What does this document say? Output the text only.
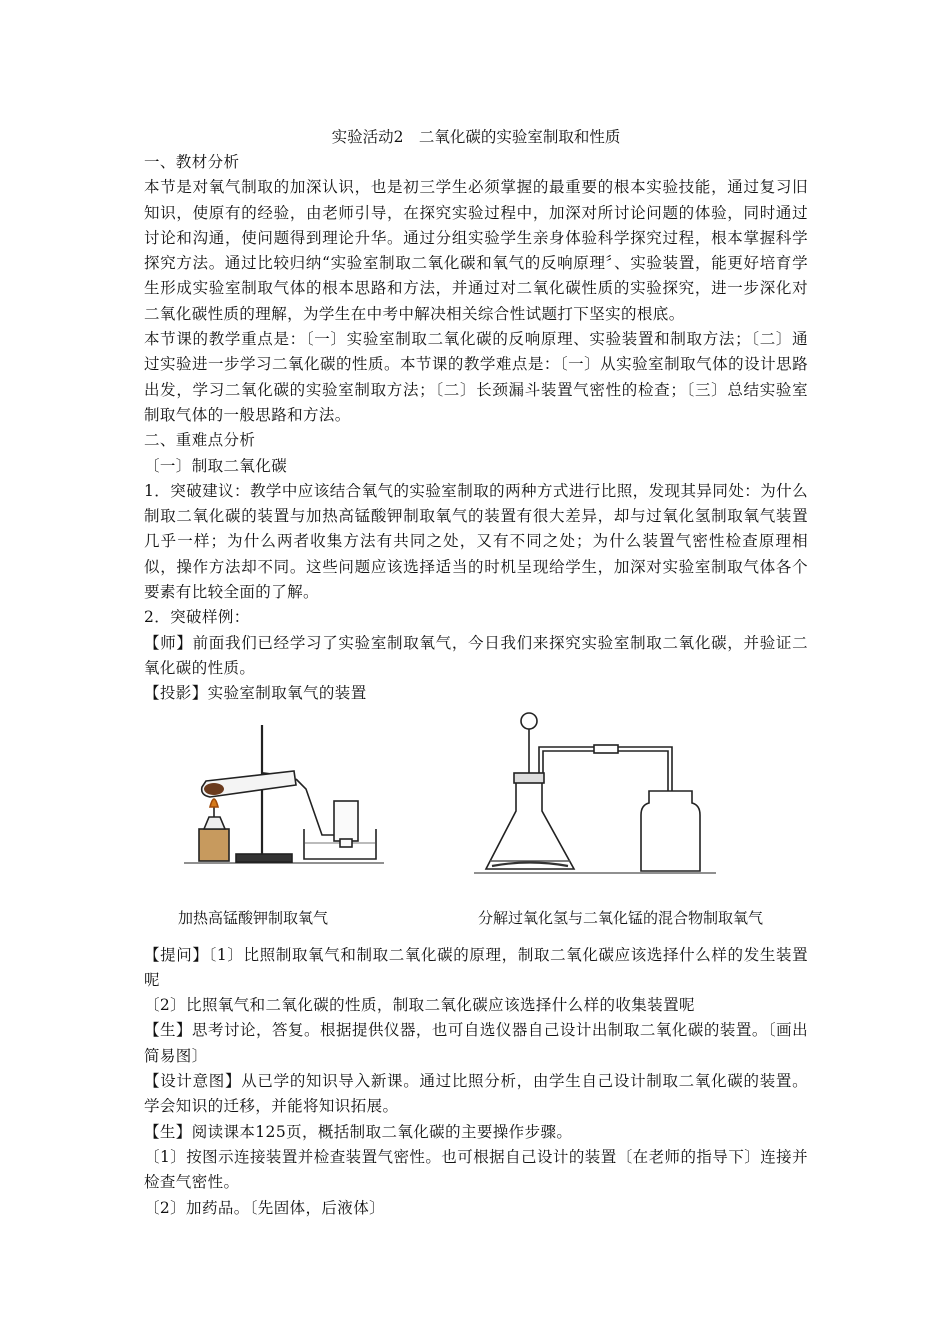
实验活动2　二氧化碳的实验室制取和性质
一、教材分析
本节是对氧气制取的加深认识，也是初三学生必须掌握的最重要的根本实验技能，通过复习旧知识，使原有的经验，由老师引导，在探究实验过程中，加深对所讨论问题的体验，同时通过讨论和沟通，使问题得到理论升华。通过分组实验学生亲身体验科学探究过程，根本掌握科学探究方法。通过比较归纳“实验室制取二氧化碳和氧气的反响原理〞、实验装置，能更好培育学生形成实验室制取气体的根本思路和方法，并通过对二氧化碳性质的实验探究，进一步深化对二氧化碳性质的理解，为学生在中考中解决相关综合性试题打下坚实的根底。
本节课的教学重点是：〔一〕实验室制取二氧化碳的反响原理、实验装置和制取方法；〔二〕通过实验进一步学习二氧化碳的性质。本节课的教学难点是：〔一〕从实验室制取气体的设计思路出发，学习二氧化碳的实验室制取方法；〔二〕长颈漏斗装置气密性的检查；〔三〕总结实验室制取气体的一般思路和方法。
二、重难点分析
〔一〕制取二氧化碳
1．突破建议：教学中应该结合氧气的实验室制取的两种方式进行比照，发现其异同处：为什么制取二氧化碳的装置与加热高锰酸钾制取氧气的装置有很大差异，却与过氧化氢制取氧气装置几乎一样；为什么两者收集方法有共同之处，又有不同之处；为什么装置气密性检查原理相似，操作方法却不同。这些问题应该选择适当的时机呈现给学生，加深对实验室制取气体各个要素有比较全面的了解。
2．突破样例：
【师】前面我们已经学习了实验室制取氧气，今日我们来探究实验室制取二氧化碳，并验证二氧化碳的性质。
【投影】实验室制取氧气的装置
加热高锰酸钾制取氧气	分解过氧化氢与二氧化锰的混合物制取氧气
【提问】〔1〕比照制取氧气和制取二氧化碳的原理，制取二氧化碳应该选择什么样的发生装置呢
〔2〕比照氧气和二氧化碳的性质，制取二氧化碳应该选择什么样的收集装置呢
【生】思考讨论，答复。根据提供仪器，也可自选仪器自己设计出制取二氧化碳的装置。〔画出简易图〕
【设计意图】从已学的知识导入新课。通过比照分析，由学生自己设计制取二氧化碳的装置。学会知识的迁移，并能将知识拓展。
【生】阅读课本125页，概括制取二氧化碳的主要操作步骤。
〔1〕按图示连接装置并检查装置气密性。也可根据自己设计的装置〔在老师的指导下〕连接并检查气密性。
〔2〕加药品。〔先固体，后液体〕
